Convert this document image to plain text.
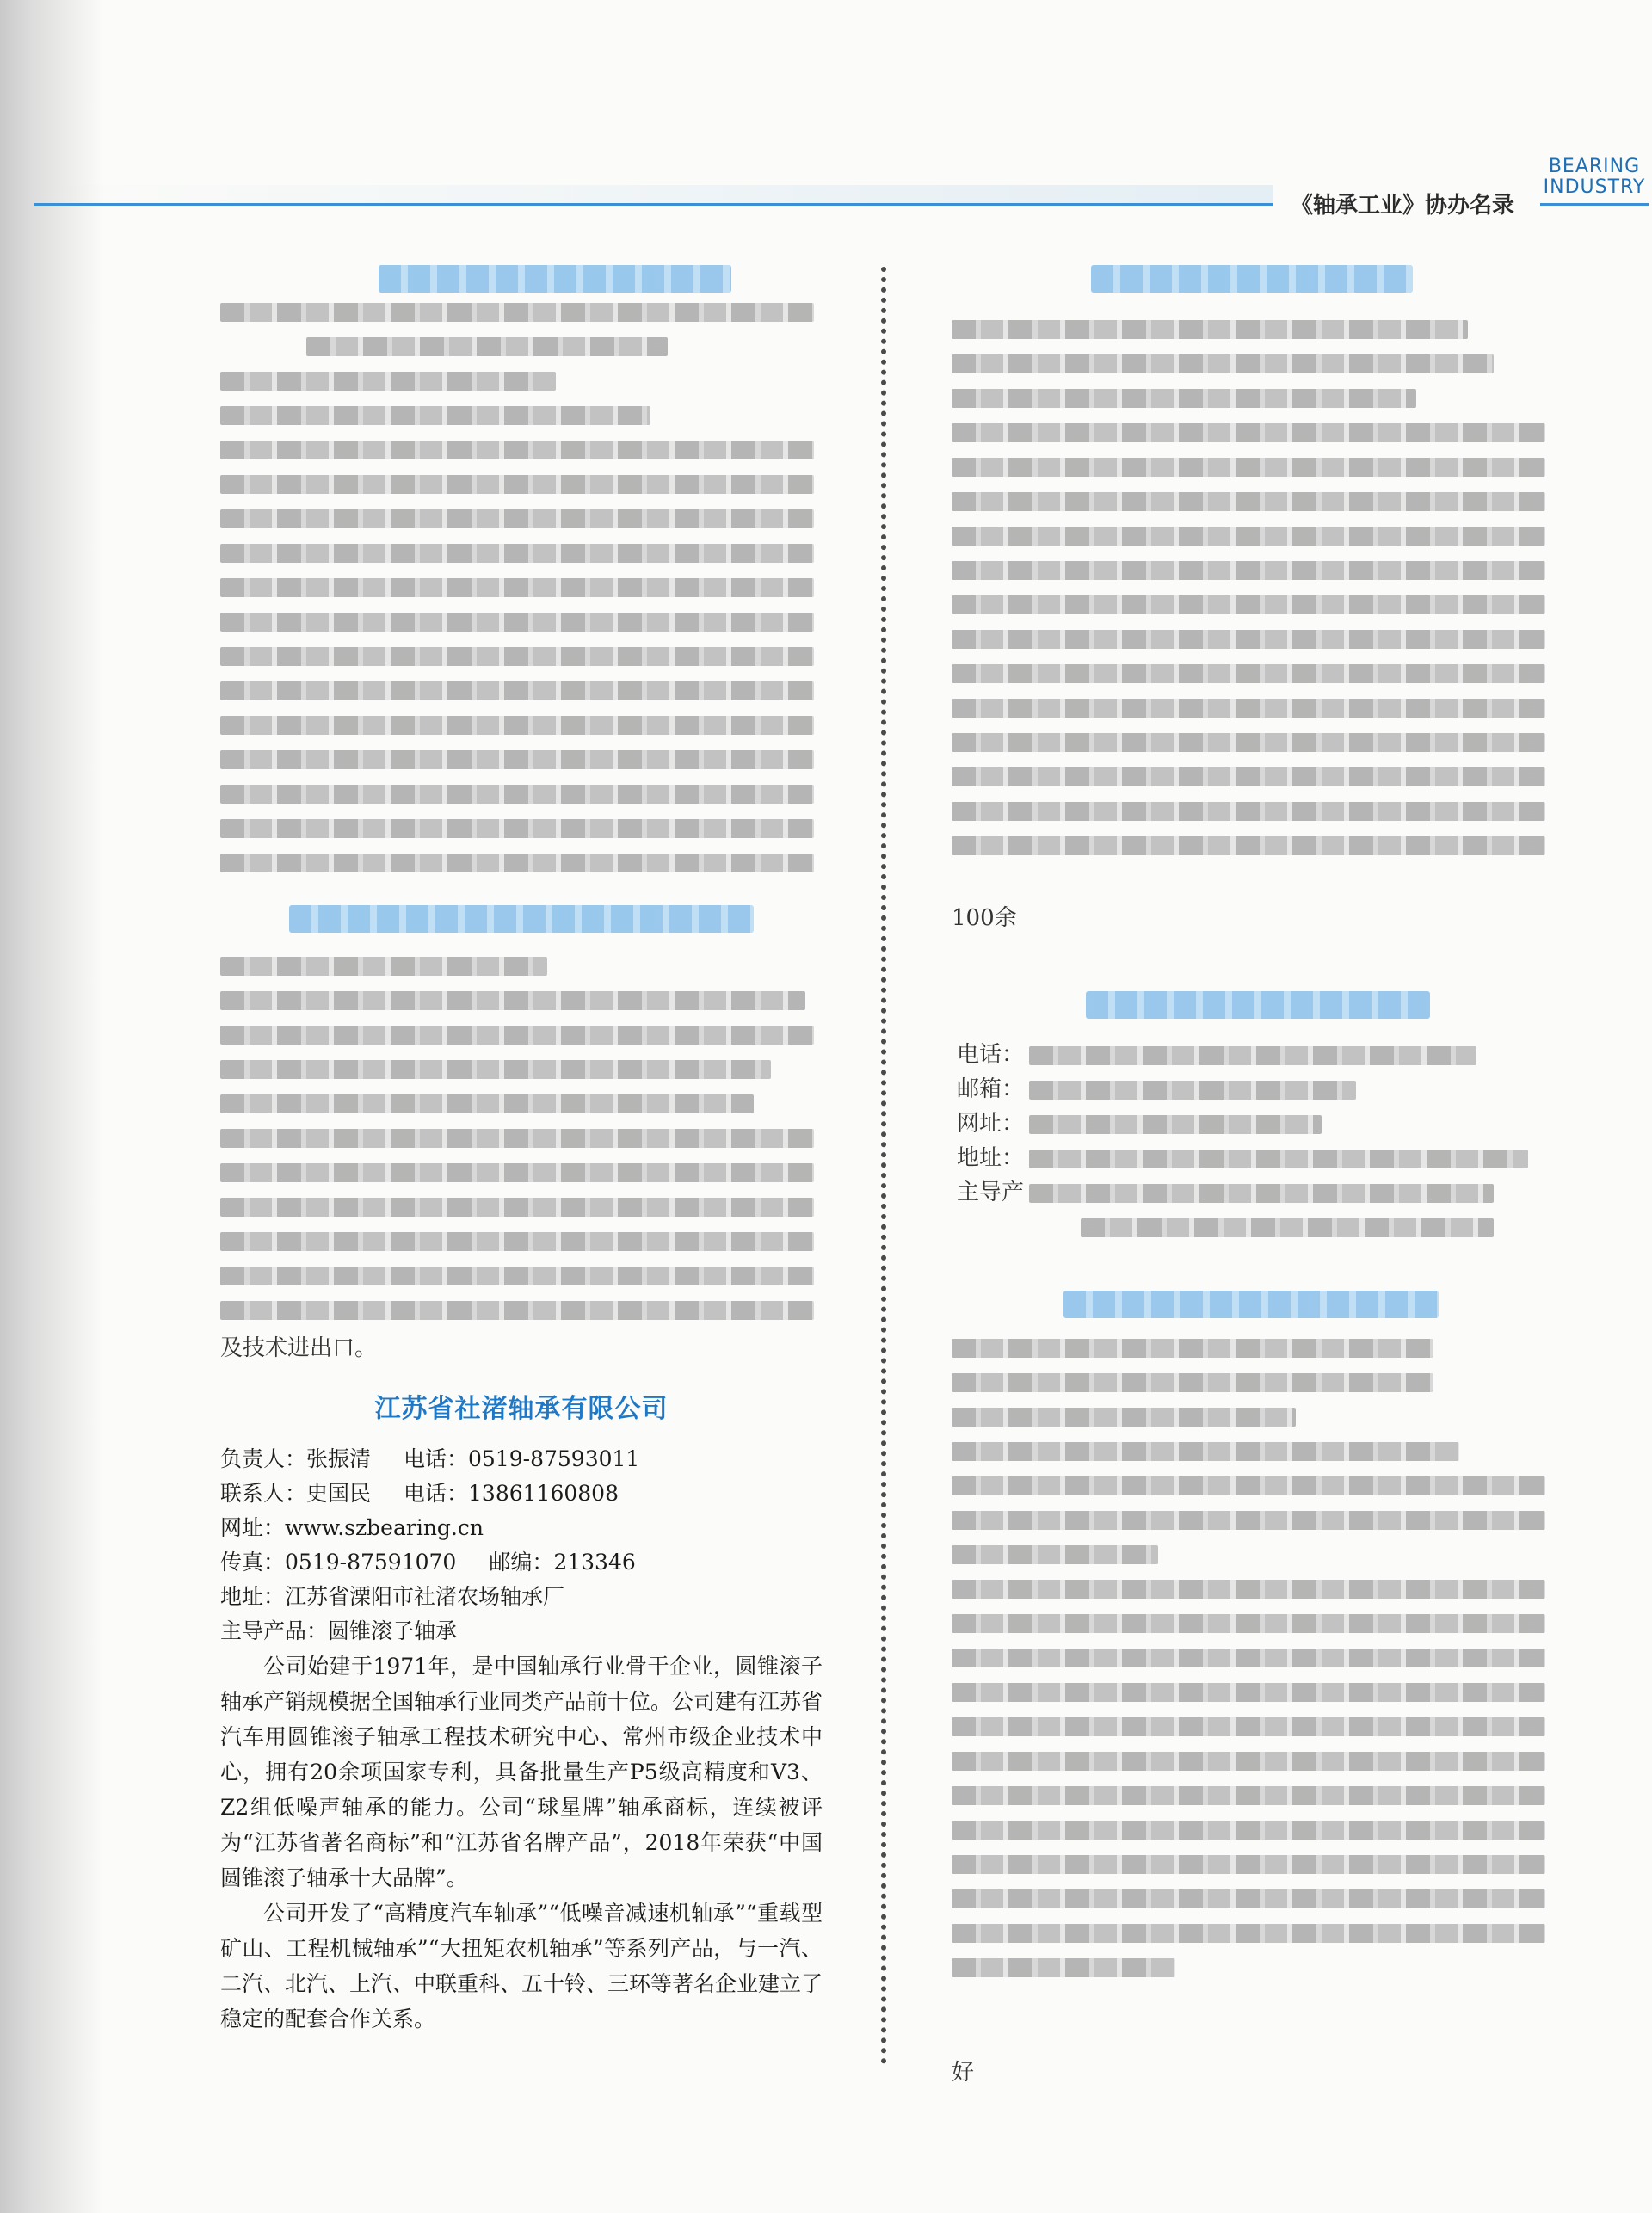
《轴承工业》协办名录
BEARING
INDUSTRY
及技术进出口。
江苏省社渚轴承有限公司
负责人：张振清 电话：0519-87593011
联系人：史国民 电话：13861160808
网址：www.szbearing.cn
传真：0519-87591070 邮编：213346
地址：江苏省溧阳市社渚农场轴承厂
主导产品：圆锥滚子轴承

公司始建于1971年，是中国轴承行业骨干企业，圆锥滚子轴承产销规模据全国轴承行业同类产品前十位。公司建有江苏省汽车用圆锥滚子轴承工程技术研究中心、常州市级企业技术中心，拥有20余项国家专利，具备批量生产P5级高精度和V3、Z2组低噪声轴承的能力。公司“球星牌”轴承商标，连续被评为“江苏省著名商标”和“江苏省名牌产品”，2018年荣获“中国圆锥滚子轴承十大品牌”。

公司开发了“高精度汽车轴承”“低噪音减速机轴承”“重载型矿山、工程机械轴承”“大扭矩农机轴承”等系列产品，与一汽、二汽、北汽、上汽、中联重科、五十铃、三环等著名企业建立了稳定的配套合作关系。

100余
电话：
邮箱：
网址：
地址：
主导产
好
